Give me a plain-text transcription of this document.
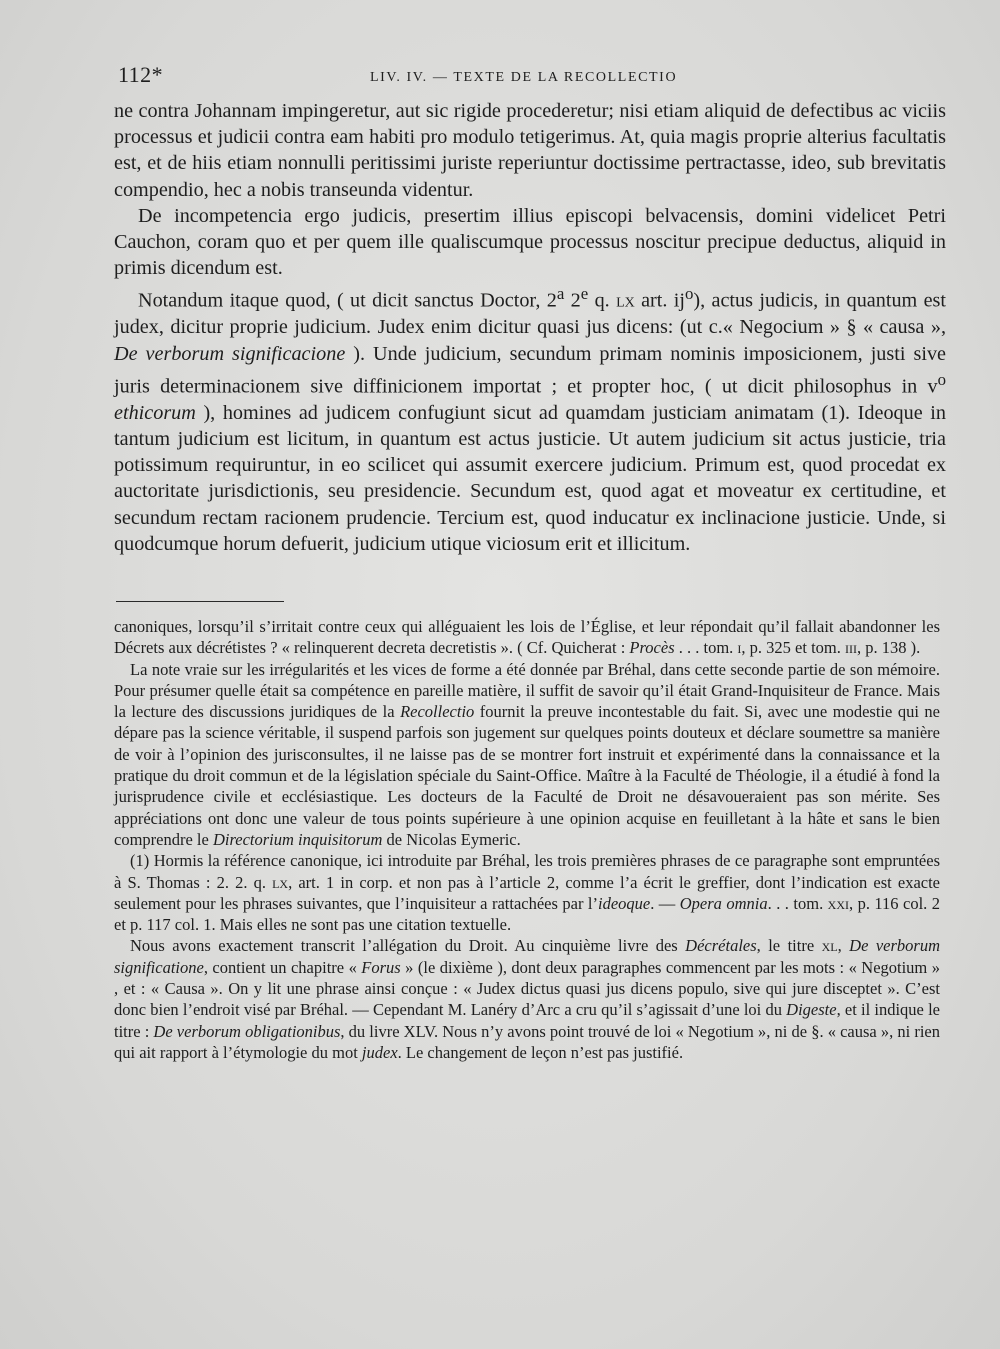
112*	LIV. IV. — TEXTE DE LA RECOLLECTIO

ne contra Johannam impingeretur, aut sic rigide procederetur; nisi etiam aliquid de defectibus ac viciis processus et judicii contra eam habiti pro modulo tetigerimus. At, quia magis proprie alterius facultatis est, et de hiis etiam nonnulli peritissimi juriste reperiuntur doctissime pertractasse, ideo, sub brevitatis compendio, hec a nobis transeunda videntur.

De incompetencia ergo judicis, presertim illius episcopi belvacensis, domini videlicet Petri Cauchon, coram quo et per quem ille qualiscumque processus noscitur precipue deductus, aliquid in primis dicendum est.

Notandum itaque quod, ( ut dicit sanctus Doctor, 2$^a$ 2e q. lx art. $ij^o$), actus judicis, in quantum est judex, dicitur proprie judicium. Judex enim dicitur quasi jus dicens: (ut c.« Negocium » § « causa », De verborum significacione ). Unde judicium, secundum primam nominis imposicionem, justi sive juris determinacionem sive diffinicionem importat ; et propter hoc, ( ut dicit philosophus in $v^o$ ethicorum ), homines ad judicem confugiunt sicut ad quamdam justiciam animatam (1). Ideoque in tantum judicium est licitum, in quantum est actus justicie. Ut autem judicium sit actus justicie, tria potissimum requiruntur, in eo scilicet qui assumit exercere judicium. Primum est, quod procedat ex auctoritate jurisdictionis, seu presidencie. Secundum est, quod agat et moveatur ex certitudine, et secundum rectam racionem prudencie. Tercium est, quod inducatur ex inclinacione justicie. Unde, si quodcumque horum defuerit, judicium utique viciosum erit et illicitum.

canoniques, lorsqu’il s’irritait contre ceux qui alléguaient les lois de l’Église, et leur répondait qu’il fallait abandonner les Décrets aux décrétistes ? « relinquerent decreta decretistis ». ( Cf. Quicherat : Procès . . . tom. i, p. 325 et tom. iii, p. 138 ).

La note vraie sur les irrégularités et les vices de forme a été donnée par Bréhal, dans cette seconde partie de son mémoire. Pour présumer quelle était sa compétence en pareille matière, il suffit de savoir qu’il était Grand-Inquisiteur de France. Mais la lecture des discussions juridiques de la Recollectio fournit la preuve incontestable du fait. Si, avec une modestie qui ne dépare pas la science véritable, il suspend parfois son jugement sur quelques points douteux et déclare soumettre sa manière de voir à l’opinion des jurisconsultes, il ne laisse pas de se montrer fort instruit et expérimenté dans la connaissance et la pratique du droit commun et de la législation spéciale du Saint-Office. Maître à la Faculté de Théologie, il a étudié à fond la jurisprudence civile et ecclésiastique. Les docteurs de la Faculté de Droit ne désavoueraient pas son mérite. Ses appréciations ont donc une valeur de tous points supérieure à une opinion acquise en feuilletant à la hâte et sans le bien comprendre le Directorium inquisitorum de Nicolas Eymeric.

(1) Hormis la référence canonique, ici introduite par Bréhal, les trois premières phrases de ce paragraphe sont empruntées à S. Thomas : 2. 2. q. lx, art. 1 in corp. et non pas à l’article 2, comme l’a écrit le greffier, dont l’indication est exacte seulement pour les phrases suivantes, que l’inquisiteur a rattachées par l’ideoque. — Opera omnia. . . tom. xxi, p. 116 col. 2 et p. 117 col. 1. Mais elles ne sont pas une citation textuelle.

Nous avons exactement transcrit l’allégation du Droit. Au cinquième livre des Décrétales, le titre xl, De verborum significatione, contient un chapitre « Forus » (le dixième ), dont deux paragraphes commencent par les mots : « Negotium » , et : « Causa ». On y lit une phrase ainsi conçue : « Judex dictus quasi jus dicens populo, sive qui jure disceptet ». C’est donc bien l’endroit visé par Bréhal. — Cependant M. Lanéry d’Arc a cru qu’il s’agissait d’une loi du Digeste, et il indique le titre : De verborum obligationibus, du livre XLV. Nous n’y avons point trouvé de loi « Negotium », ni de §. « causa », ni rien qui ait rapport à l’étymologie du mot judex. Le changement de leçon n’est pas justifié.
